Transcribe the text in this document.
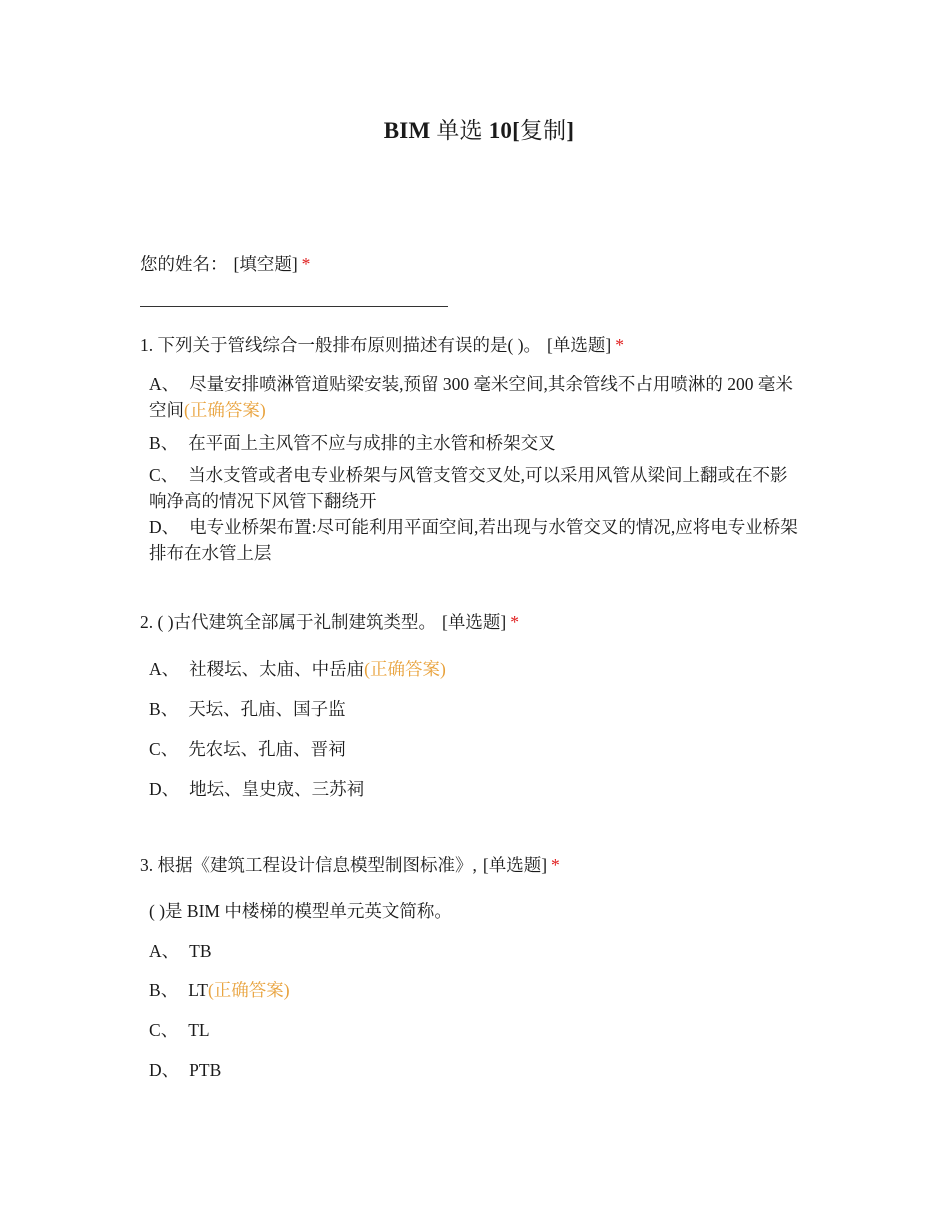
BIM 单选 10[复制]
您的姓名： [填空题] *
1. 下列关于管线综合一般排布原则描述有误的是( )。 [单选题] *
A、 尽量安排喷淋管道贴梁安装,预留 300 毫米空间,其余管线不占用喷淋的 200 毫米空间(正确答案)
B、 在平面上主风管不应与成排的主水管和桥架交叉
C、 当水支管或者电专业桥架与风管支管交叉处,可以采用风管从梁间上翻或在不影响净高的情况下风管下翻绕开
D、 电专业桥架布置:尽可能利用平面空间,若出现与水管交叉的情况,应将电专业桥架排布在水管上层
2. ( )古代建筑全部属于礼制建筑类型。 [单选题] *
A、 社稷坛、太庙、中岳庙(正确答案)
B、 天坛、孔庙、国子监
C、 先农坛、孔庙、晋祠
D、 地坛、皇史宬、三苏祠
3. 根据《建筑工程设计信息模型制图标准》, [单选题] *
( )是 BIM 中楼梯的模型单元英文简称。
A、 TB
B、 LT(正确答案)
C、 TL
D、 PTB
